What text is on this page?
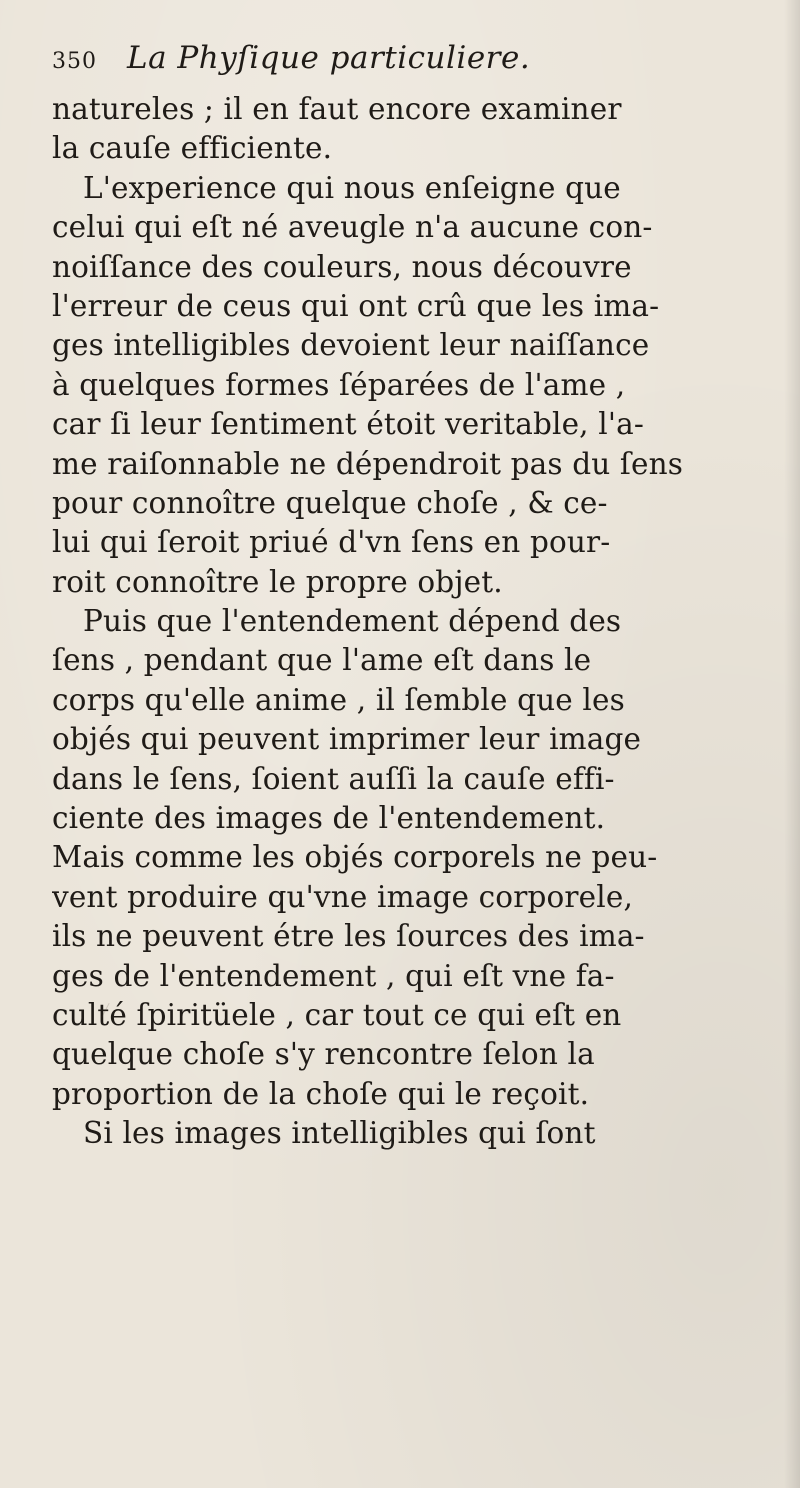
350 La Phyſique particuliere.
natureles ; il en faut encore examiner
la cauſe efficiente.
L'experience qui nous enſeigne que
celui qui eſt né aveugle n'a aucune con-
noiſſance des couleurs, nous découvre
l'erreur de ceus qui ont crû que les ima-
ges intelligibles devoient leur naiſſance
à quelques formes ſéparées de l'ame ,
car ſi leur ſentiment étoit veritable, l'a-
me raiſonnable ne dépendroit pas du ſens
pour connoître quelque choſe , & ce-
lui qui ſeroit priué d'vn ſens en pour-
roit connoître le propre objet.
Puis que l'entendement dépend des
ſens , pendant que l'ame eſt dans le
corps qu'elle anime , il ſemble que les
objés qui peuvent imprimer leur image
dans le ſens, ſoient auſſi la cauſe effi-
ciente des images de l'entendement.
Mais comme les objés corporels ne peu-
vent produire qu'vne image corporele,
ils ne peuvent étre les ſources des ima-
ges de l'entendement , qui eſt vne fa-
culté ſpiritüele , car tout ce qui eſt en
quelque choſe s'y rencontre ſelon la
proportion de la choſe qui le reçoit.
Si les images intelligibles qui ſont
